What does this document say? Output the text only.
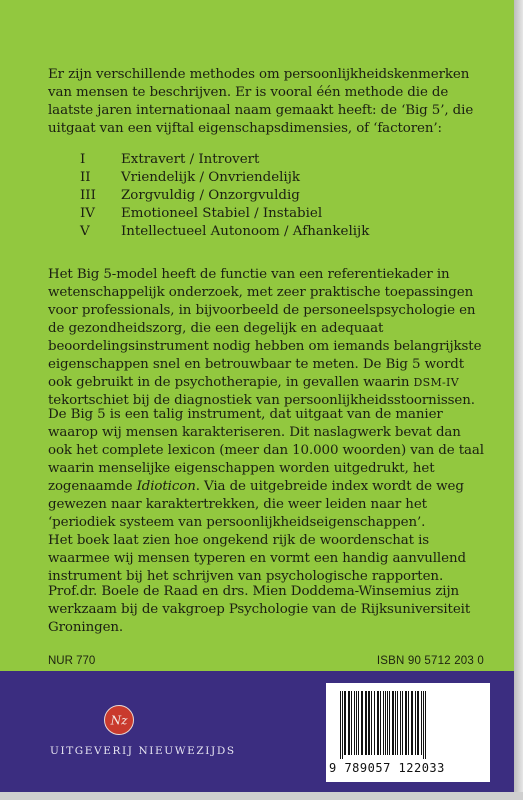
Er zijn verschillende methodes om persoonlijkheidskenmerken van mensen te beschrijven. Er is vooral één methode die de laatste jaren internationaal naam gemaakt heeft: de ‘Big 5’, die uitgaat van een vijftal eigenschapsdimensies, of ‘factoren’:

I	Extravert / Introvert
II	Vriendelijk / Onvriendelijk
III	Zorgvuldig / Onzorgvuldig
IV	Emotioneel Stabiel / Instabiel
V	Intellectueel Autonoom / Afhankelijk

Het Big 5-model heeft de functie van een referentiekader in wetenschappelijk onderzoek, met zeer praktische toepassingen voor professionals, in bijvoorbeeld de personeelspsychologie en de gezondheidszorg, die een degelijk en adequaat beoordelingsinstrument nodig hebben om iemands belangrijkste eigenschappen snel en betrouwbaar te meten. De Big 5 wordt ook gebruikt in de psychotherapie, in gevallen waarin DSM-IV tekortschiet bij de diagnostiek van persoonlijkheidsstoornissen.

De Big 5 is een talig instrument, dat uitgaat van de manier waarop wij mensen karakteriseren. Dit naslagwerk bevat dan ook het complete lexicon (meer dan 10.000 woorden) van de taal waarin menselijke eigenschappen worden uitgedrukt, het zogenaamde Idioticon. Via de uitgebreide index wordt de weg gewezen naar karaktertrekken, die weer leiden naar het ‘periodiek systeem van persoonlijkheidseigenschappen’.

Het boek laat zien hoe ongekend rijk de woordenschat is waarmee wij mensen typeren en vormt een handig aanvullend instrument bij het schrijven van psychologische rapporten.

Prof.dr. Boele de Raad en drs. Mien Doddema-Winsemius zijn werkzaam bij de vakgroep Psychologie van de Rijksuniversiteit Groningen.

NUR 770	ISBN 90 5712 203 0
Nz
UITGEVERIJ NIEUWEZIJDS
9 789057 122033
